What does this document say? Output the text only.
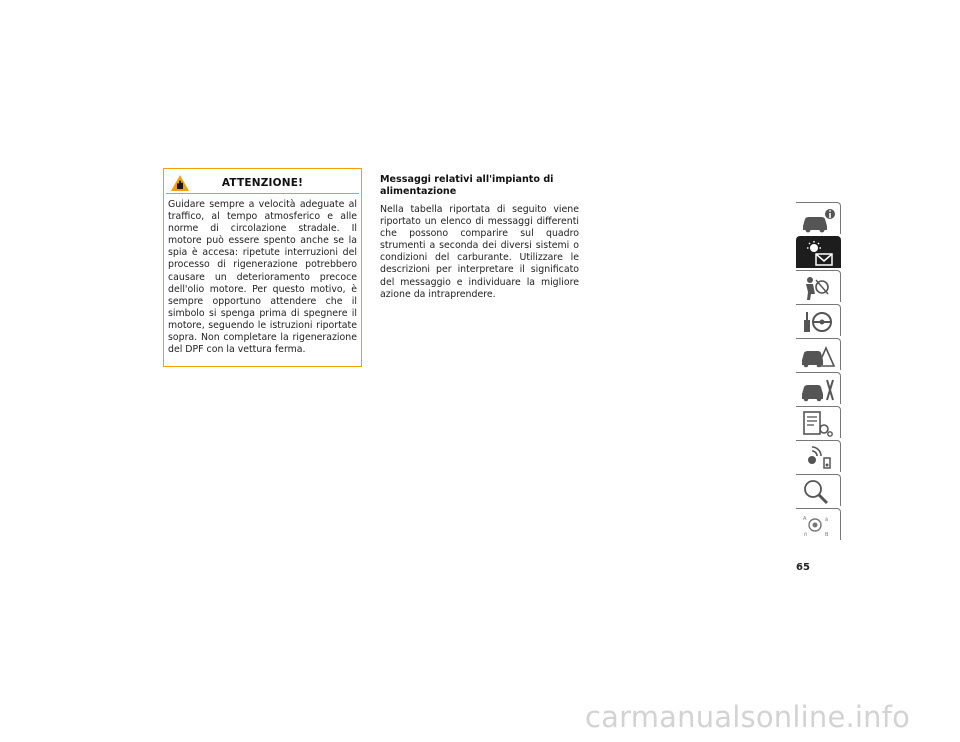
ATTENZIONE!
Guidare sempre a velocità adeguate al traffico, al tempo atmosferico e alle norme di circolazione stradale. Il motore può essere spento anche se la spia è accesa: ripetute interruzioni del processo di rigenerazione potrebbero causare un deterioramento precoce dell'olio motore. Per questo motivo, è sempre opportuno attendere che il simbolo si spenga prima di spegnere il motore, seguendo le istruzioni riportate sopra. Non completare la rigenerazione del DPF con la vettura ferma.
Messaggi relativi all'impianto di alimentazione
Nella tabella riportata di seguito viene riportato un elenco di messaggi differenti che possono comparire sul quadro strumenti a seconda dei diversi sistemi o condizioni del carburante. Utilizzare le descrizioni per interpretare il significato del messaggio e individuare la migliore azione da intraprendere.
A	ä
ñ	B
65
carmanualsonline.info
